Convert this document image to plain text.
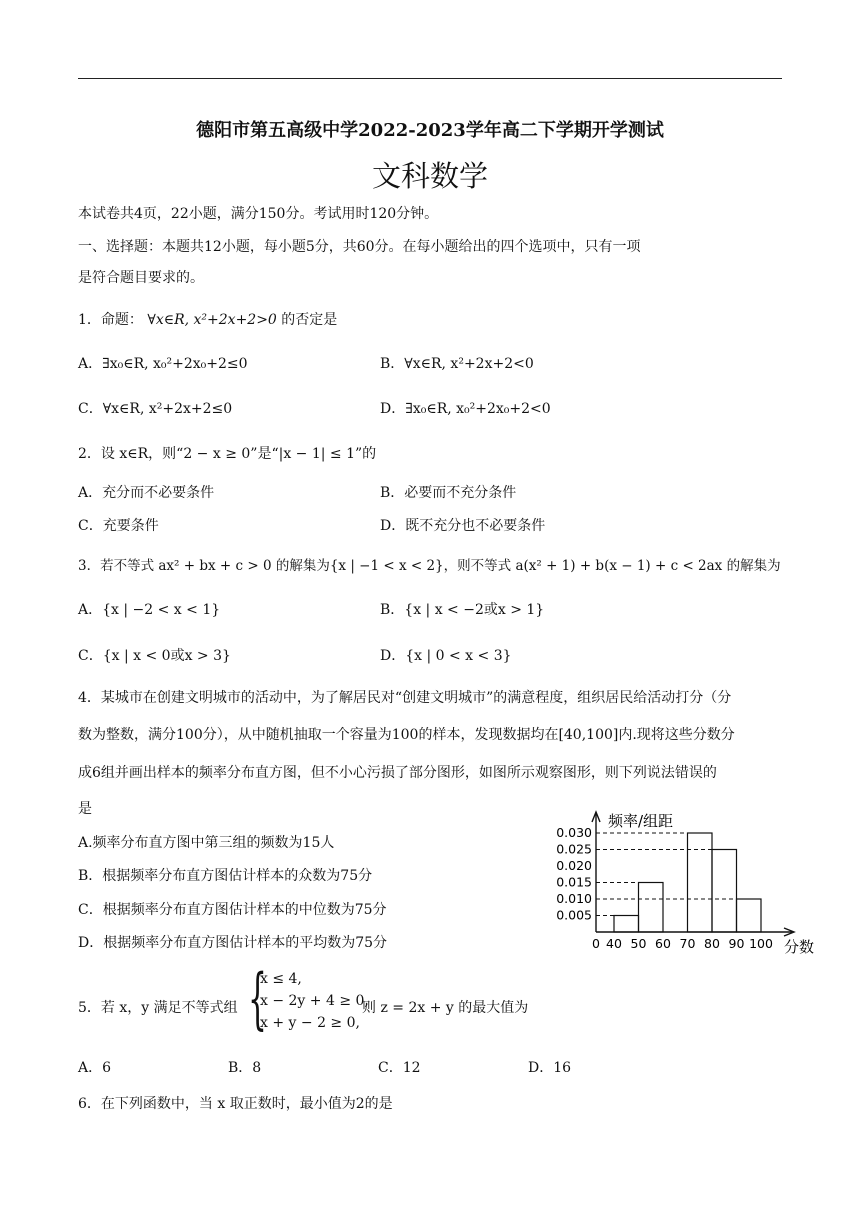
德阳市第五高级中学2022-2023学年高二下学期开学测试
文科数学
本试卷共4页，22小题，满分150分。考试用时120分钟。
一、选择题：本题共12小题，每小题5分，共60分。在每小题给出的四个选项中，只有一项
是符合题目要求的。
1．命题： ∀x∈R, x²+2x+2>0 的否定是
A．∃x₀∈R, x₀²+2x₀+2≤0	B．∀x∈R, x²+2x+2<0
C．∀x∈R, x²+2x+2≤0	D．∃x₀∈R, x₀²+2x₀+2<0
2．设 x∈R，则“2 − x ≥ 0”是“|x − 1| ≤ 1”的
A．充分而不必要条件	B．必要而不充分条件
C．充要条件	D．既不充分也不必要条件
3．若不等式 ax² + bx + c > 0 的解集为{x | −1 < x < 2}，则不等式 a(x² + 1) + b(x − 1) + c < 2ax 的解集为
A．{x | −2 < x < 1}	B．{x | x < −2或x > 1}
C．{x | x < 0或x > 3}	D．{x | 0 < x < 3}
4．某城市在创建文明城市的活动中，为了解居民对“创建文明城市”的满意程度，组织居民给活动打分（分
数为整数，满分100分），从中随机抽取一个容量为100的样本，发现数据均在[40,100]内.现将这些分数分
成6组并画出样本的频率分布直方图，但不小心污损了部分图形，如图所示观察图形，则下列说法错误的
是
A.频率分布直方图中第三组的频数为15人
B．根据频率分布直方图估计样本的众数为75分
C．根据频率分布直方图估计样本的中位数为75分
D．根据频率分布直方图估计样本的平均数为75分
频率/组距
分数
0.005
0.010
0.015
0.020
0.025
0.030
0 40 50 60 70 80 90 100
5．若 x，y 满足不等式组 {
x ≤ 4,
x − 2y + 4 ≥ 0,
x + y − 2 ≥ 0,
则 z = 2x + y 的最大值为
A．6	B．8	C．12	D．16
6．在下列函数中，当 x 取正数时，最小值为2的是
